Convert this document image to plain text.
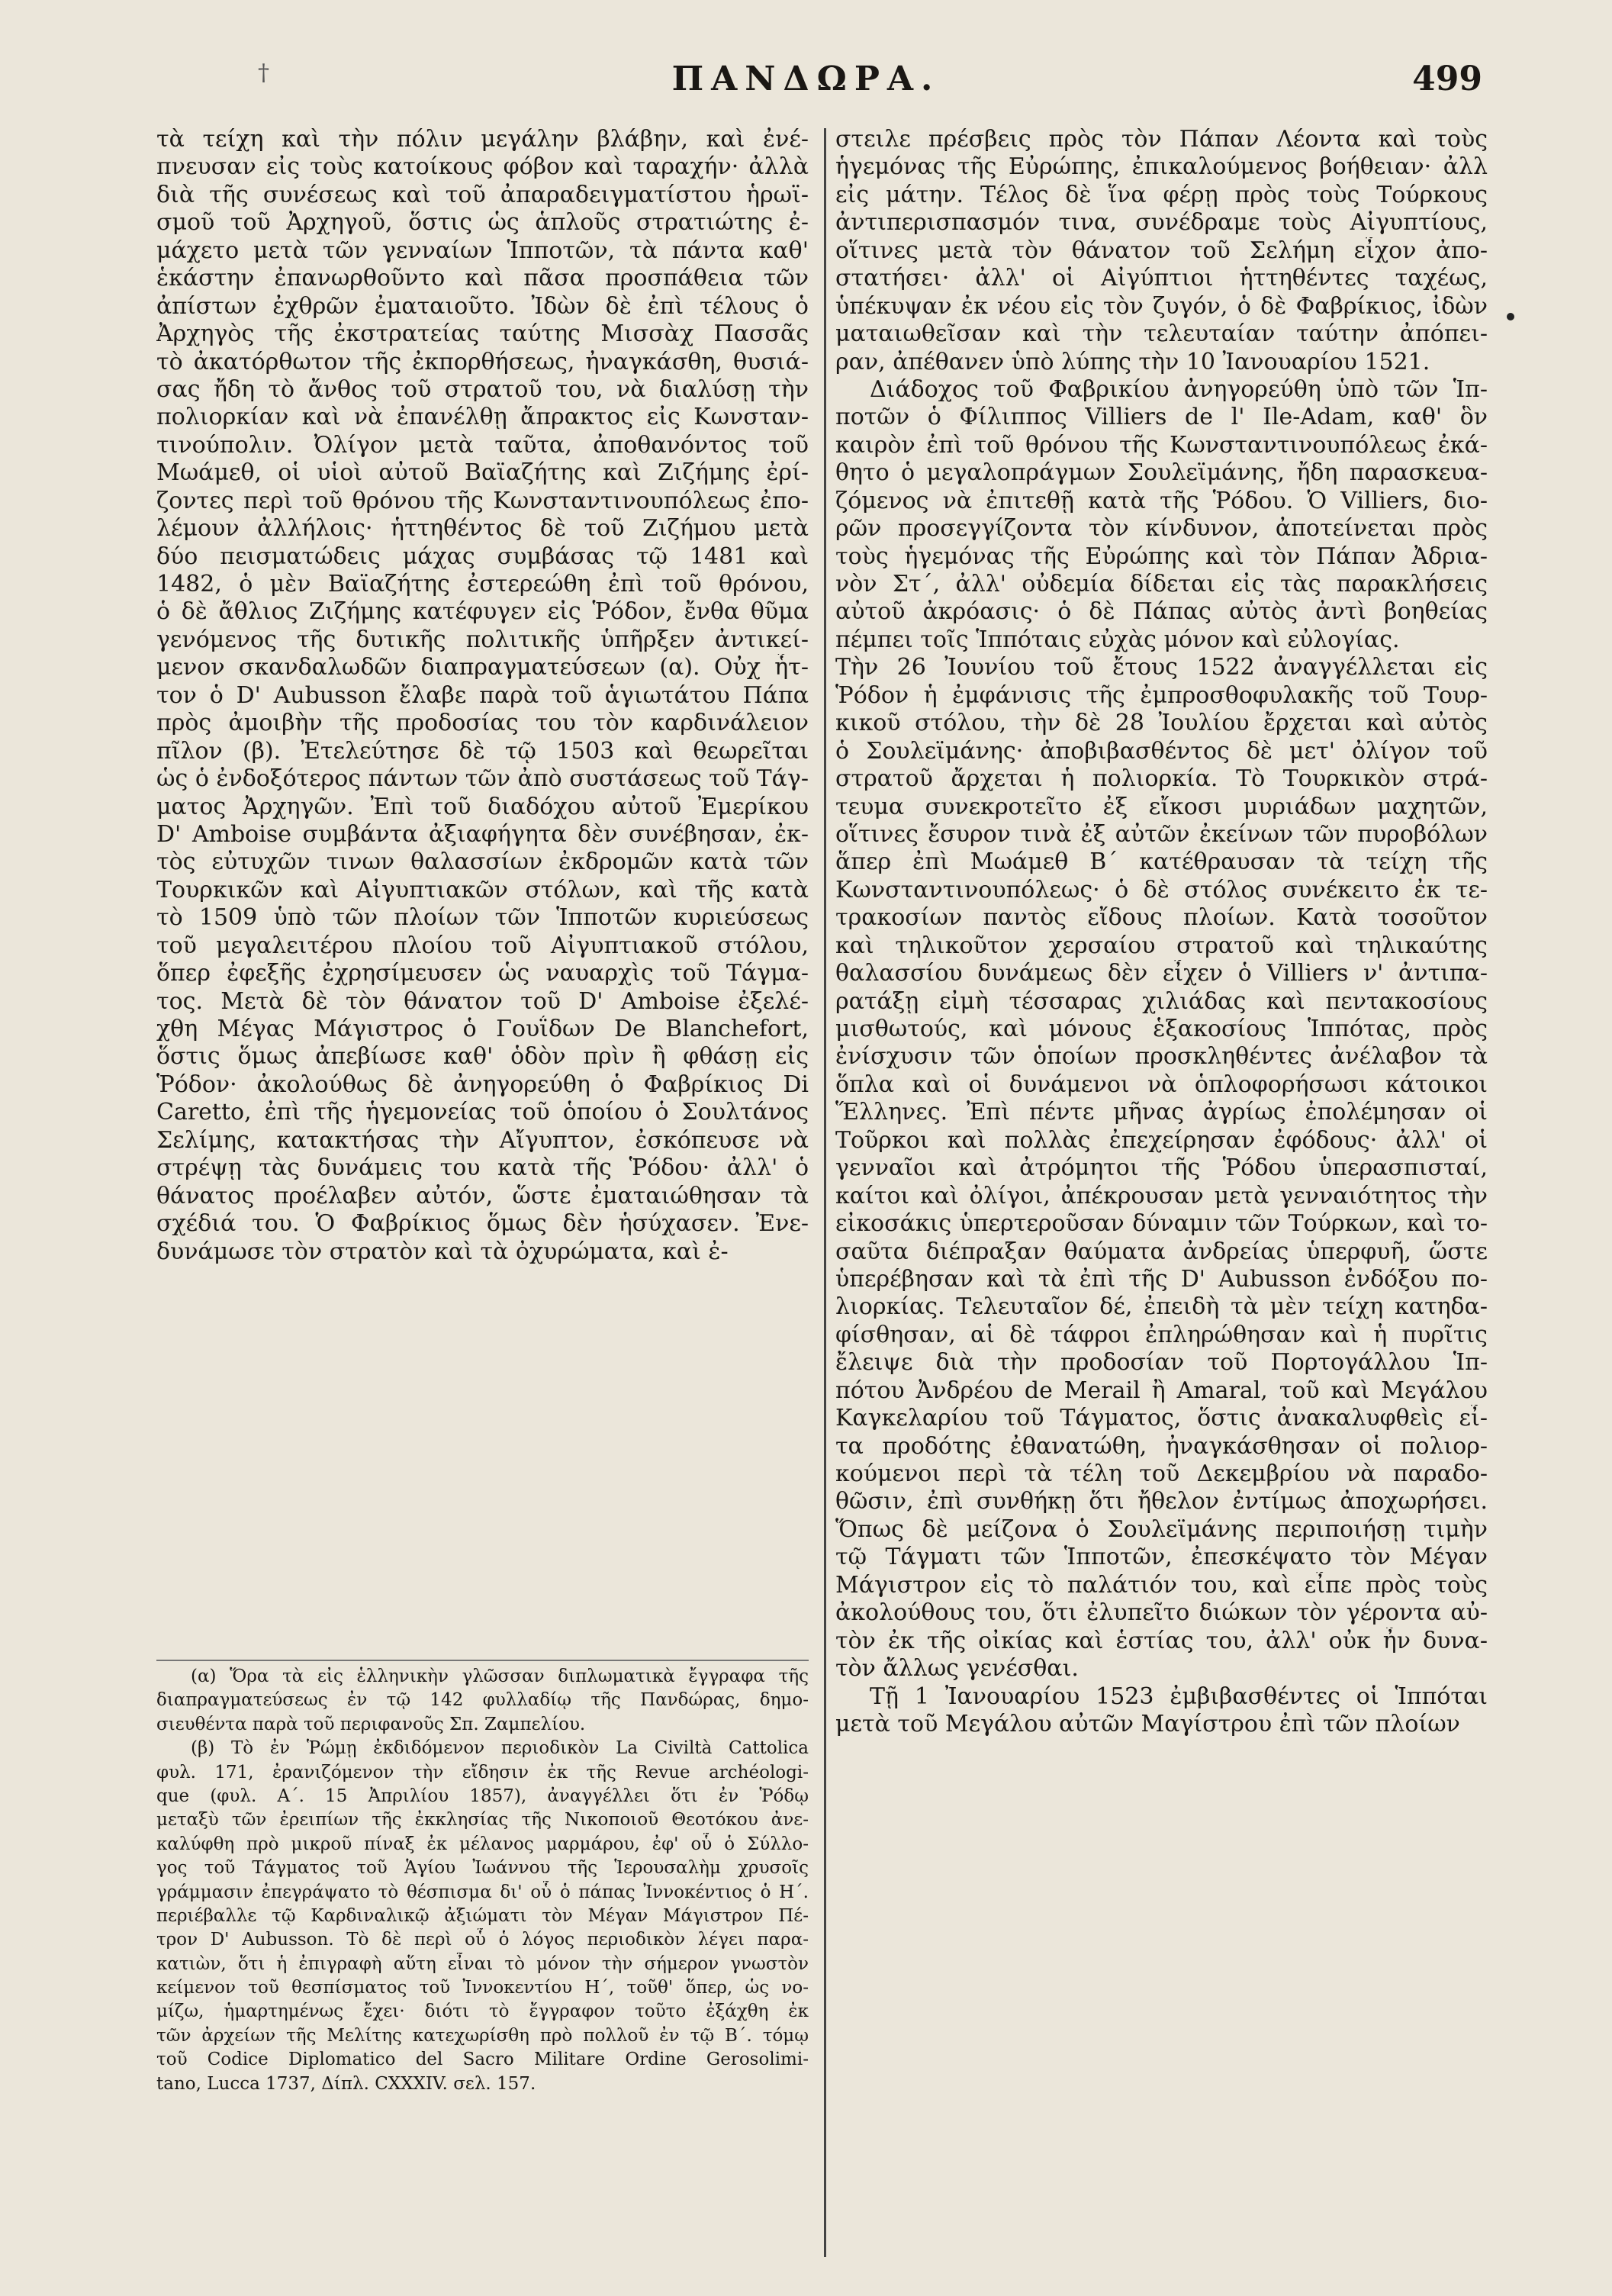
†	ΠΑΝΔΩΡΑ.	499
τὰ τείχη καὶ τὴν πόλιν μεγάλην βλάβην, καὶ ἐνέ-
πνευσαν εἰς τοὺς κατοίκους φόβον καὶ ταραχήν· ἀλλὰ
διὰ τῆς συνέσεως καὶ τοῦ ἀπαραδειγματίστου ἡρωϊ-
σμοῦ τοῦ Ἀρχηγοῦ, ὅστις ὡς ἁπλοῦς στρατιώτης ἐ-
μάχετο μετὰ τῶν γενναίων Ἱπποτῶν, τὰ πάντα καθ'
ἑκάστην ἐπανωρθοῦντο καὶ πᾶσα προσπάθεια τῶν
ἀπίστων ἐχθρῶν ἐματαιοῦτο. Ἰδὼν δὲ ἐπὶ τέλους ὁ
Ἀρχηγὸς τῆς ἐκστρατείας ταύτης Μισσὰχ Πασσᾶς
τὸ ἀκατόρθωτον τῆς ἐκπορθήσεως, ἠναγκάσθη, θυσιά-
σας ἤδη τὸ ἄνθος τοῦ στρατοῦ του, νὰ διαλύσῃ τὴν
πολιορκίαν καὶ νὰ ἐπανέλθῃ ἄπρακτος εἰς Κωνσταν-
τινούπολιν. Ὀλίγον μετὰ ταῦτα, ἀποθανόντος τοῦ
Μωάμεθ, οἱ υἱοὶ αὐτοῦ Βαϊαζήτης καὶ Ζιζήμης ἐρί-
ζοντες περὶ τοῦ θρόνου τῆς Κωνσταντινουπόλεως ἐπο-
λέμουν ἀλλήλοις· ἡττηθέντος δὲ τοῦ Ζιζήμου μετὰ
δύο πεισματώδεις μάχας συμβάσας τῷ 1481 καὶ
1482, ὁ μὲν Βαϊαζήτης ἐστερεώθη ἐπὶ τοῦ θρόνου,
ὁ δὲ ἄθλιος Ζιζήμης κατέφυγεν εἰς Ῥόδον, ἔνθα θῦμα
γενόμενος τῆς δυτικῆς πολιτικῆς ὑπῆρξεν ἀντικεί-
μενον σκανδαλωδῶν διαπραγματεύσεων (α). Οὐχ ἧτ-
τον ὁ D' Aubusson ἔλαβε παρὰ τοῦ ἁγιωτάτου Πάπα
πρὸς ἀμοιβὴν τῆς προδοσίας του τὸν καρδινάλειον
πῖλον (β). Ἐτελεύτησε δὲ τῷ 1503 καὶ θεωρεῖται
ὡς ὁ ἐνδοξότερος πάντων τῶν ἀπὸ συστάσεως τοῦ Τάγ-
ματος Ἀρχηγῶν. Ἐπὶ τοῦ διαδόχου αὐτοῦ Ἐμερίκου
D' Amboise συμβάντα ἀξιαφήγητα δὲν συνέβησαν, ἐκ-
τὸς εὐτυχῶν τινων θαλασσίων ἐκδρομῶν κατὰ τῶν
Τουρκικῶν καὶ Αἰγυπτιακῶν στόλων, καὶ τῆς κατὰ
τὸ 1509 ὑπὸ τῶν πλοίων τῶν Ἱπποτῶν κυριεύσεως
τοῦ μεγαλειτέρου πλοίου τοῦ Αἰγυπτιακοῦ στόλου,
ὅπερ ἐφεξῆς ἐχρησίμευσεν ὡς ναυαρχὶς τοῦ Τάγμα-
τος. Μετὰ δὲ τὸν θάνατον τοῦ D' Amboise ἐξελέ-
χθη Μέγας Μάγιστρος ὁ Γουΐδων De Blanchefort,
ὅστις ὅμως ἀπεβίωσε καθ' ὁδὸν πρὶν ἢ φθάσῃ εἰς
Ῥόδον· ἀκολούθως δὲ ἀνηγορεύθη ὁ Φαβρίκιος Di
Caretto, ἐπὶ τῆς ἡγεμονείας τοῦ ὁποίου ὁ Σουλτάνος
Σελίμης, κατακτήσας τὴν Αἴγυπτον, ἐσκόπευσε νὰ
στρέψῃ τὰς δυνάμεις του κατὰ τῆς Ῥόδου· ἀλλ' ὁ
θάνατος προέλαβεν αὐτόν, ὥστε ἐματαιώθησαν τὰ
σχέδιά του. Ὁ Φαβρίκιος ὅμως δὲν ἡσύχασεν. Ἐνε-
δυνάμωσε τὸν στρατὸν καὶ τὰ ὀχυρώματα, καὶ ἐ-
(α) Ὅρα τὰ εἰς ἑλληνικὴν γλῶσσαν διπλωματικὰ ἔγγραφα τῆς
διαπραγματεύσεως ἐν τῷ 142 φυλλαδίῳ τῆς Πανδώρας, δημο-
σιευθέντα παρὰ τοῦ περιφανοῦς Σπ. Ζαμπελίου.
(β) Τὸ ἐν Ῥώμῃ ἐκδιδόμενον περιοδικὸν La Civiltà Cattolica
φυλ. 171, ἐρανιζόμενον τὴν εἴδησιν ἐκ τῆς Revue archéologi-
que (φυλ. Α΄. 15 Ἀπριλίου 1857), ἀναγγέλλει ὅτι ἐν Ῥόδῳ
μεταξὺ τῶν ἐρειπίων τῆς ἐκκλησίας τῆς Νικοποιοῦ Θεοτόκου ἀνε-
καλύφθη πρὸ μικροῦ πίναξ ἐκ μέλανος μαρμάρου, ἐφ' οὗ ὁ Σύλλο-
γος τοῦ Τάγματος τοῦ Ἁγίου Ἰωάννου τῆς Ἱερουσαλὴμ χρυσοῖς
γράμμασιν ἐπεγράψατο τὸ θέσπισμα δι' οὗ ὁ πάπας Ἰννοκέντιος ὁ Η΄.
περιέβαλλε τῷ Καρδιναλικῷ ἀξιώματι τὸν Μέγαν Μάγιστρον Πέ-
τρον D' Aubusson. Τὸ δὲ περὶ οὗ ὁ λόγος περιοδικὸν λέγει παρα-
κατιὼν, ὅτι ἡ ἐπιγραφὴ αὕτη εἶναι τὸ μόνον τὴν σήμερον γνωστὸν
κείμενον τοῦ θεσπίσματος τοῦ Ἰννοκεντίου Η΄, τοῦθ' ὅπερ, ὡς νο-
μίζω, ἡμαρτημένως ἔχει· διότι τὸ ἔγγραφον τοῦτο ἐξάχθη ἐκ
τῶν ἀρχείων τῆς Μελίτης κατεχωρίσθη πρὸ πολλοῦ ἐν τῷ Β΄. τόμῳ
τοῦ Codice Diplomatico del Sacro Militare Ordine Gerosolimi-
tano, Lucca 1737, Δίπλ. CXXXIV. σελ. 157.
στειλε πρέσβεις πρὸς τὸν Πάπαν Λέοντα καὶ τοὺς
ἡγεμόνας τῆς Εὐρώπης, ἐπικαλούμενος βοήθειαν· ἀλλ
εἰς μάτην. Τέλος δὲ ἵνα φέρῃ πρὸς τοὺς Τούρκους
ἀντιπερισπασμόν τινα, συνέδραμε τοὺς Αἰγυπτίους,
οἵτινες μετὰ τὸν θάνατον τοῦ Σελήμη εἶχον ἀπο-
στατήσει· ἀλλ' οἱ Αἰγύπτιοι ἡττηθέντες ταχέως,
ὑπέκυψαν ἐκ νέου εἰς τὸν ζυγόν, ὁ δὲ Φαβρίκιος, ἰδὼν
ματαιωθεῖσαν καὶ τὴν τελευταίαν ταύτην ἀπόπει-
ραν, ἀπέθανεν ὑπὸ λύπης τὴν 10 Ἰανουαρίου 1521.
Διάδοχος τοῦ Φαβρικίου ἀνηγορεύθη ὑπὸ τῶν Ἱπ-
ποτῶν ὁ Φίλιππος Villiers de l' Ile-Adam, καθ' ὃν
καιρὸν ἐπὶ τοῦ θρόνου τῆς Κωνσταντινουπόλεως ἐκά-
θητο ὁ μεγαλοπράγμων Σουλεϊμάνης, ἤδη παρασκευα-
ζόμενος νὰ ἐπιτεθῇ κατὰ τῆς Ῥόδου. Ὁ Villiers, διο-
ρῶν προσεγγίζοντα τὸν κίνδυνον, ἀποτείνεται πρὸς
τοὺς ἡγεμόνας τῆς Εὐρώπης καὶ τὸν Πάπαν Ἀδρια-
νὸν Στ΄, ἀλλ' οὐδεμία δίδεται εἰς τὰς παρακλήσεις
αὐτοῦ ἀκρόασις· ὁ δὲ Πάπας αὐτὸς ἀντὶ βοηθείας
πέμπει τοῖς Ἱππόταις εὐχὰς μόνον καὶ εὐλογίας.
Τὴν 26 Ἰουνίου τοῦ ἔτους 1522 ἀναγγέλλεται εἰς
Ῥόδον ἡ ἐμφάνισις τῆς ἐμπροσθοφυλακῆς τοῦ Τουρ-
κικοῦ στόλου, τὴν δὲ 28 Ἰουλίου ἔρχεται καὶ αὐτὸς
ὁ Σουλεϊμάνης· ἀποβιβασθέντος δὲ μετ' ὀλίγον τοῦ
στρατοῦ ἄρχεται ἡ πολιορκία. Τὸ Τουρκικὸν στρά-
τευμα συνεκροτεῖτο ἐξ εἴκοσι μυριάδων μαχητῶν,
οἵτινες ἔσυρον τινὰ ἐξ αὐτῶν ἐκείνων τῶν πυροβόλων
ἅπερ ἐπὶ Μωάμεθ Β΄ κατέθραυσαν τὰ τείχη τῆς
Κωνσταντινουπόλεως· ὁ δὲ στόλος συνέκειτο ἐκ τε-
τρακοσίων παντὸς εἴδους πλοίων. Κατὰ τοσοῦτον
καὶ τηλικοῦτον χερσαίου στρατοῦ καὶ τηλικαύτης
θαλασσίου δυνάμεως δὲν εἶχεν ὁ Villiers ν' ἀντιπα-
ρατάξῃ εἰμὴ τέσσαρας χιλιάδας καὶ πεντακοσίους
μισθωτούς, καὶ μόνους ἑξακοσίους Ἱππότας, πρὸς
ἐνίσχυσιν τῶν ὁποίων προσκληθέντες ἀνέλαβον τὰ
ὅπλα καὶ οἱ δυνάμενοι νὰ ὁπλοφορήσωσι κάτοικοι
Ἕλληνες. Ἐπὶ πέντε μῆνας ἀγρίως ἐπολέμησαν οἱ
Τοῦρκοι καὶ πολλὰς ἐπεχείρησαν ἐφόδους· ἀλλ' οἱ
γενναῖοι καὶ ἀτρόμητοι τῆς Ῥόδου ὑπερασπισταί,
καίτοι καὶ ὀλίγοι, ἀπέκρουσαν μετὰ γενναιότητος τὴν
εἰκοσάκις ὑπερτεροῦσαν δύναμιν τῶν Τούρκων, καὶ το-
σαῦτα διέπραξαν θαύματα ἀνδρείας ὑπερφυῆ, ὥστε
ὑπερέβησαν καὶ τὰ ἐπὶ τῆς D' Aubusson ἐνδόξου πο-
λιορκίας. Τελευταῖον δέ, ἐπειδὴ τὰ μὲν τείχη κατηδα-
φίσθησαν, αἱ δὲ τάφροι ἐπληρώθησαν καὶ ἡ πυρῖτις
ἔλειψε διὰ τὴν προδοσίαν τοῦ Πορτογάλλου Ἱπ-
πότου Ἀνδρέου de Merail ἢ Amaral, τοῦ καὶ Μεγάλου
Καγκελαρίου τοῦ Τάγματος, ὅστις ἀνακαλυφθεὶς εἶ-
τα προδότης ἐθανατώθη, ἠναγκάσθησαν οἱ πολιορ-
κούμενοι περὶ τὰ τέλη τοῦ Δεκεμβρίου νὰ παραδο-
θῶσιν, ἐπὶ συνθήκῃ ὅτι ἤθελον ἐντίμως ἀποχωρήσει.
Ὅπως δὲ μείζονα ὁ Σουλεϊμάνης περιποιήσῃ τιμὴν
τῷ Τάγματι τῶν Ἱπποτῶν, ἐπεσκέψατο τὸν Μέγαν
Μάγιστρον εἰς τὸ παλάτιόν του, καὶ εἶπε πρὸς τοὺς
ἀκολούθους του, ὅτι ἐλυπεῖτο διώκων τὸν γέροντα αὐ-
τὸν ἐκ τῆς οἰκίας καὶ ἑστίας του, ἀλλ' οὐκ ἦν δυνα-
τὸν ἄλλως γενέσθαι.
Τῇ 1 Ἰανουαρίου 1523 ἐμβιβασθέντες οἱ Ἱππόται
μετὰ τοῦ Μεγάλου αὐτῶν Μαγίστρου ἐπὶ τῶν πλοίων
